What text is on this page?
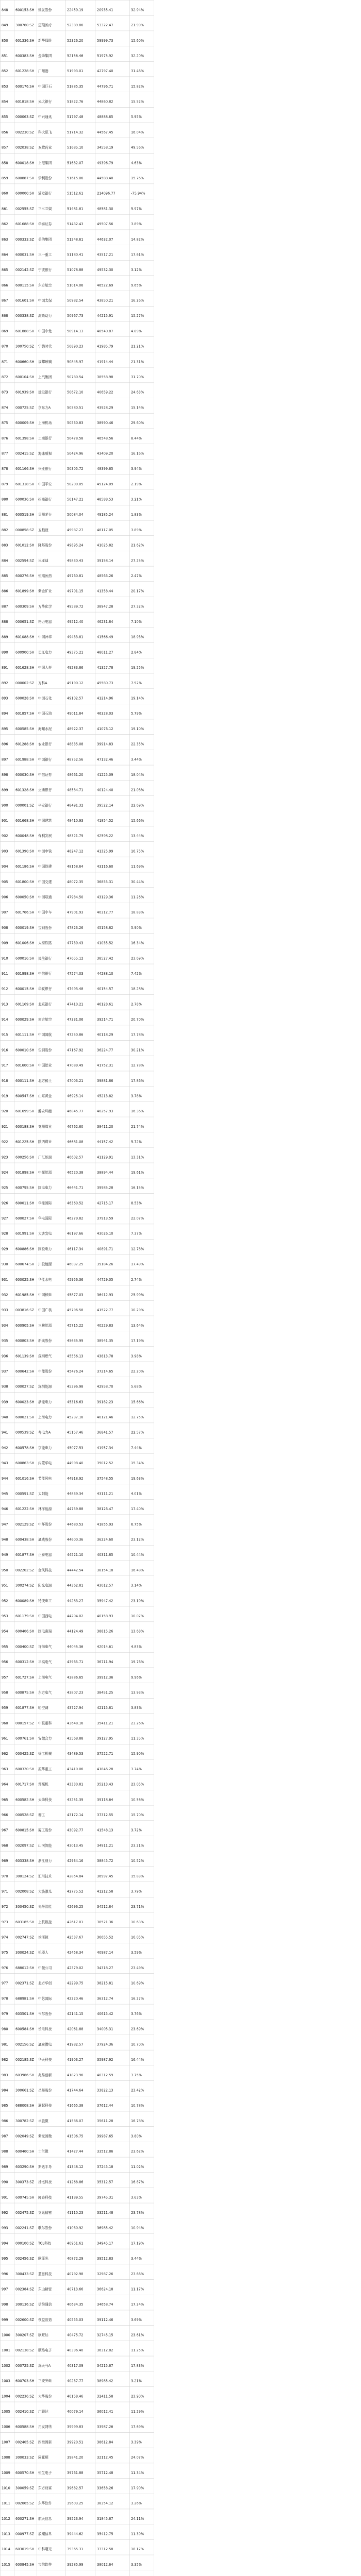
848 600153.SH 建发股份	22459.19	20935.41	32.94%
849 300760.SZ 迈瑞医疗	52389.86	53322.47	21.99%
850 601336.SH 新华保险	52326.20	59999.73	15.60%
851 600383.SH 金地集团	52156.46	51975.92	32.20%
852 601228.SH 广州港	51993.01	42797.40	31.46%
853 600176.SH 中国巨石	51885.35	44796.71	15.82%
854 601818.SH 光大银行	51822.76	44860.82	15.52%
855 000063.SZ 中兴通讯	51797.48	48888.65	5.95%
856 002230.SZ 科大讯飞	51714.32	44567.45	16.04%
857 002038.SZ 双鹭药业	51685.10	34558.19	49.56%
858 600018.SH 上港集团	51682.07	49396.79	4.63%
859 600887.SH 伊利股份	51615.06	44588.40	15.76%
860 600000.SH 浦发银行	51512.61	214096.77	-75.94%
861 002555.SZ 三七互娱	51481.81	48581.30	5.97%
862 601688.SH 华泰证券	51432.43	49507.56	3.89%
863 000333.SZ 美的集团	51248.61	44632.07	14.82%
864 600031.SH 三一重工	51180.41	43517.21	17.61%
865 002142.SZ 宁波银行	51078.88	49532.30	3.12%
866 600115.SH 东方航空	51014.06	46522.69	9.65%
867 601601.SH 中国太保	50982.54	43850.21	16.26%
868 000338.SZ 潍柴动力	50967.73	44215.91	15.27%
869 601888.SH 中国中免	50914.13	48540.87	4.89%
870 300750.SZ 宁德时代	50890.23	41985.79	21.21%
871 600660.SH 福耀玻璃	50845.97	41914.44	21.31%
872 600104.SH 上汽集团	50780.54	38558.98	31.70%
873 601939.SH 建设银行	50672.10	40659.22	24.63%
874 000725.SZ 京东方A	50580.51	43928.29	15.14%
875 600009.SH 上海机场	50530.83	38990.46	29.60%
876 601398.SH 工商银行	50478.58	46548.56	8.44%
877 002415.SZ 海康威视	50424.96	43409.20	16.16%
878 601166.SH 兴业银行	50305.72	48399.65	3.94%
879 601318.SH 中国平安	50200.05	49124.09	2.19%
880 600036.SH 招商银行	50147.21	48588.53	3.21%
881 600519.SH 贵州茅台	50084.04	49185.24	1.83%
882 000858.SZ 五粮液	49987.27	48117.05	3.89%
883 601012.SH 隆基股份	49895.24	41025.82	21.62%
884 002594.SZ 比亚迪	49830.43	39158.14	27.25%
885 600276.SH 恒瑞医药	49760.81	48563.26	2.47%
886 601899.SH 紫金矿业	49701.15	41358.44	20.17%
887 600309.SH 万华化学	49589.72	38947.28	27.32%
888 000651.SZ 格力电器	49512.40	46231.84	7.10%
889 601088.SH 中国神华	49433.81	41566.49	18.93%
890 600900.SH 长江电力	49375.21	48011.27	2.84%
891 601628.SH 中国人寿	49283.86	41327.78	19.25%
892 000002.SZ 万科A	49190.12	45580.73	7.92%
893 600028.SH 中国石化	49102.57	41214.96	19.14%
894 601857.SH 中国石油	49011.84	46328.03	5.79%
895 600585.SH 海螺水泥	48922.37	41076.12	19.10%
896 601288.SH 农业银行	48835.08	39914.83	22.35%
897 601988.SH 中国银行	48752.56	47132.46	3.44%
898 600030.SH 中信证券	48661.20	41225.09	18.04%
899 601328.SH 交通银行	48584.71	40124.40	21.08%
900 000001.SZ 平安银行	48491.32	39522.14	22.69%
901 601668.SH 中国建筑	48410.93	41854.52	15.66%
902 600048.SH 保利发展	48321.79	42598.22	13.44%
903 601390.SH 中国中铁	48247.12	41325.99	16.75%
904 601186.SH 中国铁建	48158.64	43116.60	11.69%
905 601800.SH 中国交建	48072.35	36855.31	30.44%
906 600050.SH 中国联通	47984.50	43129.36	11.26%
907 601766.SH 中国中车	47901.93	40312.77	18.83%
908 600019.SH 宝钢股份	47823.26	45158.82	5.90%
909 601006.SH 大秦铁路	47739.43	41035.52	16.34%
910 600016.SH 民生银行	47655.12	38527.42	23.69%
911 601998.SH 中信银行	47574.03	44288.10	7.42%
912 600015.SH 华夏银行	47493.48	40154.57	18.28%
913 601169.SH 北京银行	47410.21	46128.61	2.78%
914 600029.SH 南方航空	47331.06	39214.71	20.70%
915 601111.SH 中国国航	47250.86	40118.29	17.78%
916 600010.SH 包钢股份	47167.92	36224.77	30.21%
917 601600.SH 中国铝业	47089.49	41752.31	12.78%
918 600111.SH 北方稀土	47003.21	39881.86	17.86%
919 600547.SH 山东黄金	46925.14	45213.82	3.78%
920 601699.SH 潞安环能	46845.77	40257.93	16.36%
921 600188.SH 兖州煤业	46762.60	38411.20	21.74%
922 601225.SH 陕西煤业	46681.08	44157.42	5.72%
923 600256.SH 广汇能源	46602.57	41129.91	13.31%
924 601898.SH 中煤能源	46520.38	38894.44	19.61%
925 600795.SH 国电电力	46441.71	39985.28	16.15%
926 600011.SH 华能国际	46360.52	42715.17	8.53%
927 600027.SH 华电国际	46279.82	37913.59	22.07%
928 601991.SH 大唐发电	46197.66	43026.10	7.37%
929 600886.SH 国投电力	46117.34	40891.71	12.78%
930 600674.SH 川投能源	46037.25	39184.26	17.49%
931 600025.SH 华能水电	45956.36	44729.05	2.74%
932 601985.SH 中国核电	45877.03	36412.93	25.99%
933 003816.SZ 中国广核	45796.58	41522.77	10.29%
934 600905.SH 三峡能源	45715.22	40229.83	13.64%
935 600803.SH 新奥股份	45635.99	38941.35	17.19%
936 601139.SH 深圳燃气	45556.13	43813.78	3.98%
937 600642.SH 申能股份	45476.24	37214.65	22.20%
938 000027.SZ 深圳能源	45396.98	42958.70	5.68%
939 600023.SH 浙能电力	45316.63	39182.23	15.66%
940 600021.SH 上海电力	45237.18	40121.46	12.75%
941 000539.SZ 粤电力A	45157.46	36841.57	22.57%
942 600578.SH 京能电力	45077.53	41957.34	7.44%
943 600863.SH 内蒙华电	44998.40	39012.52	15.34%
944 601016.SH 节能风电	44918.92	37548.55	19.63%
945 000591.SZ 太阳能	44839.34	43111.21	4.01%
946 601222.SH 林洋能源	44759.88	38126.47	17.40%
947 002129.SZ 中环股份	44680.53	41855.93	6.75%
948 600438.SH 通威股份	44600.36	36224.60	23.12%
949 601877.SH 正泰电器	44521.10	40311.85	10.44%
950 002202.SZ 金风科技	44442.54	38154.18	16.48%
951 300274.SZ 阳光电源	44362.81	43012.57	3.14%
952 600089.SH 特变电工	44283.27	35947.42	23.19%
953 601179.SH 中国西电	44204.02	40158.93	10.07%
954 600406.SH 国电南瑞	44124.49	38815.26	13.68%
955 000400.SZ 许继电气	44045.36	42014.61	4.83%
956 600312.SH 平高电气	43965.71	36711.94	19.76%
957 601727.SH 上海电气	43886.65	39912.36	9.96%
958 600875.SH 东方电气	43807.23	38451.25	13.93%
959 601877.SH 哈空调	43727.94	42115.81	3.83%
960 000157.SZ 中联重科	43648.16	35411.21	23.26%
961 600761.SH 安徽合力	43568.88	39127.95	11.35%
962 000425.SZ 徐工机械	43489.53	37522.71	15.90%
963 600320.SH 振华重工	43410.06	41846.28	3.74%
964 601717.SH 郑煤机	43330.81	35213.43	23.05%
965 600582.SH 天地科技	43251.39	39118.64	10.56%
966 000528.SZ 柳工	43172.14	37312.55	15.70%
967 600815.SH 厦工股份	43092.77	41548.13	3.72%
968 002097.SZ 山河智能	43013.45	34911.21	23.21%
969 603338.SH 浙江鼎力	42934.16	38845.72	10.52%
970 300124.SZ 汇川技术	42854.84	36997.45	15.83%
971 002008.SZ 大族激光	42775.52	41212.58	3.79%
972 300450.SZ 先导智能	42696.25	34512.84	23.71%
973 603185.SH 上机数控	42617.01	38521.36	10.63%
974 002747.SZ 埃斯顿	42537.67	36655.52	16.05%
975 300024.SZ 机器人	42458.34	40987.14	3.59%
976 688012.SH 中微公司	42379.02	34318.27	23.49%
977 002371.SZ 北方华创	42299.75	38215.81	10.69%
978 688981.SH 中芯国际	42220.46	36312.74	16.27%
979 603501.SH 韦尔股份	42141.15	40615.42	3.76%
980 600584.SH 长电科技	42061.88	34005.31	23.69%
981 002156.SZ 通富微电	41982.57	37924.36	10.70%
982 002185.SZ 华天科技	41903.27	35987.92	16.44%
983 603986.SH 兆易创新	41823.96	40312.59	3.75%
984 300661.SZ 圣邦股份	41744.64	33822.13	23.42%
985 688008.SH 澜起科技	41665.38	37612.44	10.78%
986 300782.SZ 卓胜微	41586.07	35611.28	16.78%
987 002049.SZ 紫光国微	41506.75	39987.65	3.80%
988 600460.SH 士兰微	41427.44	33512.86	23.62%
989 603290.SH 斯达半导	41348.12	37245.18	11.02%
990 300373.SZ 扬杰科技	41268.86	35312.57	16.87%
991 600745.SH 闻泰科技	41189.55	39745.31	3.63%
992 002475.SZ 立讯精密	41110.23	33211.48	23.78%
993 002241.SZ 歌尔股份	41030.92	36985.42	10.94%
994 000100.SZ TCL科技	40951.61	34945.17	17.19%
995 002456.SZ 欧菲光	40872.29	39512.83	3.44%
996 300433.SZ 蓝思科技	40792.98	32987.26	23.66%
997 002384.SZ 东山精密	40713.66	36624.18	11.17%
998 300136.SZ 信维通信	40634.35	34658.74	17.24%
999 002600.SZ 领益智造	40555.03	39112.46	3.69%
1000 300207.SZ 欣旺达	40475.72	32745.15	23.61%
1001 002138.SZ 顺络电子	40396.40	36312.82	11.25%
1002 000725.SZ 深天马A	40317.09	34215.67	17.83%
1003 600703.SH 三安光电	40237.77	38985.42	3.21%
1004 002236.SZ 大华股份	40158.46	32411.58	23.90%
1005 002410.SZ 广联达	40079.14	36012.41	11.29%
1006 600588.SH 用友网络	39999.83	33987.26	17.69%
1007 002405.SZ 四维图新	39920.51	38612.84	3.39%
1008 300033.SZ 同花顺	39841.20	32112.45	24.07%
1009 600570.SH 恒生电子	39761.88	35712.48	11.34%
1010 300059.SZ 东方财富	39682.57	33658.26	17.90%
1011 002065.SZ 东华软件	39603.25	38354.12	3.26%
1012 600271.SH 航天信息	39523.94	31845.67	24.11%
1013 000977.SZ 浪潮信息	39444.62	35412.75	11.39%
1014 603019.SH 中科曙光	39365.31	33312.58	18.17%
1015 600845.SH 宝信软件	39285.99	38012.64	3.35%
